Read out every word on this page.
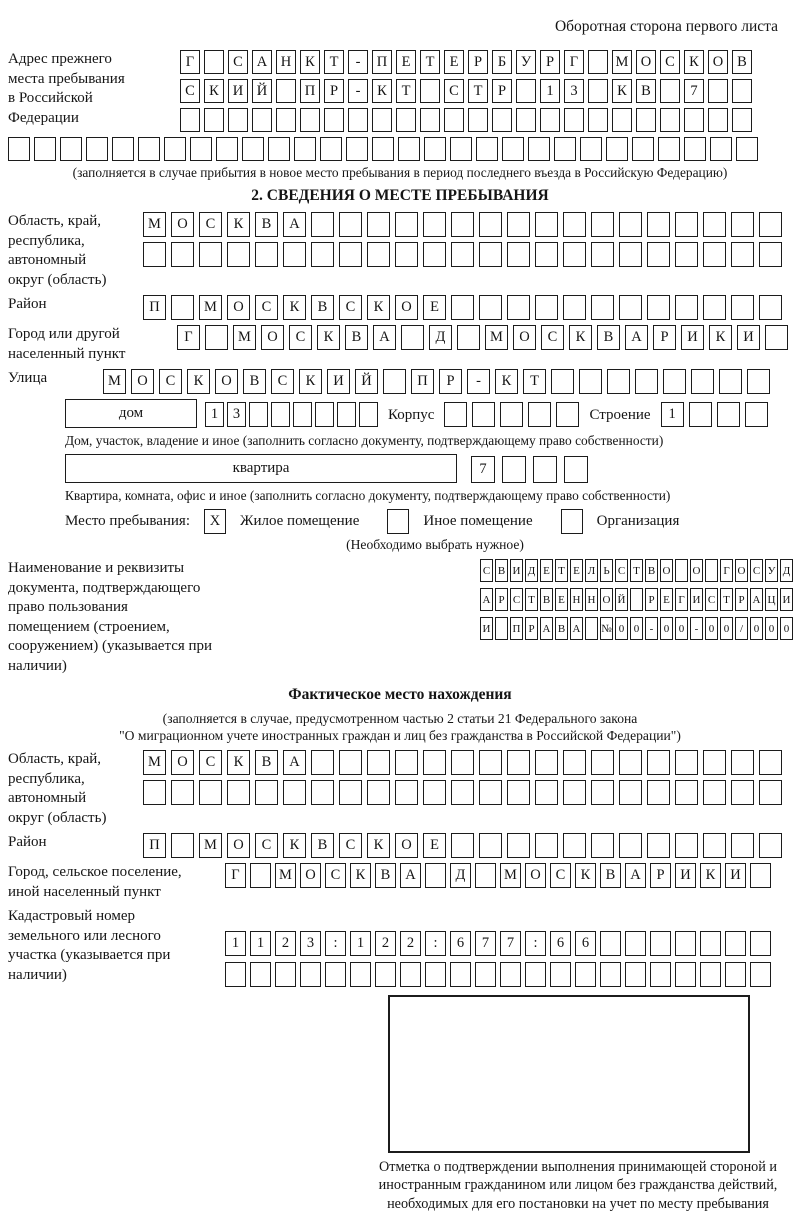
Оборотная сторона первого листа
Адрес прежнего места пребывания в Российской Федерации
Г	С А Н К	Т	-	П Е	Т	Е	Р	Б	У	Р	Г	М О С К О В
С К И Й	П	Р	-	К	Т	С	Т	Р	1	3	К В	7
(заполняется в случае прибытия в новое место пребывания в период последнего въезда в Российскую Федерацию)
2. СВЕДЕНИЯ О МЕСТЕ ПРЕБЫВАНИЯ
Область, край, республика, автономный округ (область)
М	О	С	К	В	А
Район	П	М	О	С	К	В	С	К	О	Е
Город или другой населенный пункт
Г	М	О	С	К	В	А	Д	М	О	С	К	В	А	Р	И	К	И
Улица	М	О	С	К	О	В	С	К	И	Й	П	Р	-	К	Т
дом	1	3	Корпус	Строение	1
Дом, участок, владение и иное (заполнить согласно документу, подтверждающему право собственности)
квартира	7
Квартира, комната, офис и иное (заполнить согласно документу, подтверждающему право собственности)
Место пребывания:	X	Жилое помещение	Иное помещение	Организация
(Необходимо выбрать нужное)
Наименование и реквизиты документа, подтверждающего право пользования помещением (строением, сооружением) (указывается при наличии)
С В И Д Е Т Е Л Ь С Т В О О	Г О С У Д
А Р С Т В Е Н Н О Й	Р Е Г И С Т Р А Ц И
И П Р А В А № 0 0 - 0 0 - 0 0 / 0 0 0
Фактическое место нахождения
(заполняется в случае, предусмотренном частью 2 статьи 21 Федерального закона
"О миграционном учете иностранных граждан и лиц без гражданства в Российской Федерации")
Область, край, республика, автономный округ (область)
М	О	С	К	В	А
Район	П	М	О	С	К	В	С	К	О	Е
Город, сельское поселение, иной населенный пункт
Г	М О	С	К	В	А	Д	М О	С	К	В	А	Р	И	К	И
Кадастровый номер земельного или лесного участка (указывается при наличии)
1	1	2	3	:	1	2	2	:	6	7	7	:	6	6
Отметка о подтверждении выполнения принимающей стороной и иностранным гражданином или лицом без гражданства действий, необходимых для его постановки на учет по месту пребывания
